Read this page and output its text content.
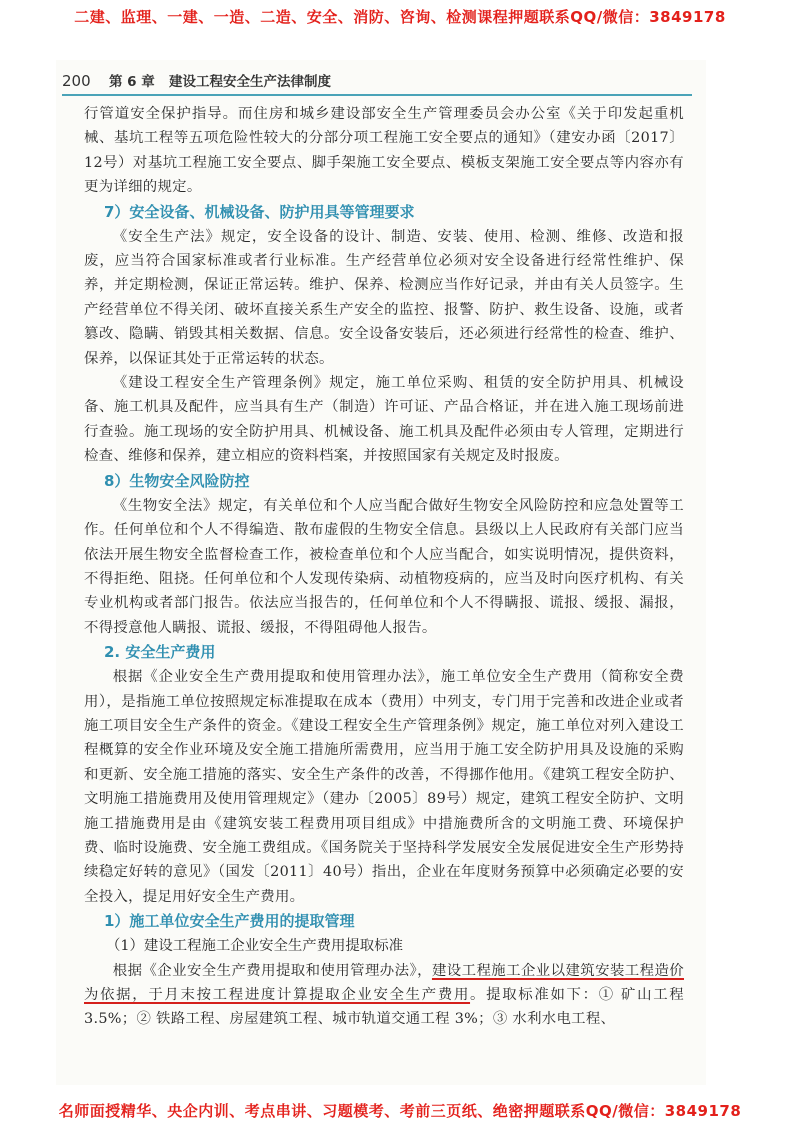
二建、监理、一建、一造、二造、安全、消防、咨询、检测课程押题联系QQ/微信：3849178
200 第 6 章 建设工程安全生产法律制度

行管道安全保护指导。而住房和城乡建设部安全生产管理委员会办公室《关于印发起重机械、基坑工程等五项危险性较大的分部分项工程施工安全要点的通知》（建安办函〔2017〕12号）对基坑工程施工安全要点、脚手架施工安全要点、模板支架施工安全要点等内容亦有更为详细的规定。

7）安全设备、机械设备、防护用具等管理要求

《安全生产法》规定，安全设备的设计、制造、安装、使用、检测、维修、改造和报废，应当符合国家标准或者行业标准。生产经营单位必须对安全设备进行经常性维护、保养，并定期检测，保证正常运转。维护、保养、检测应当作好记录，并由有关人员签字。生产经营单位不得关闭、破坏直接关系生产安全的监控、报警、防护、救生设备、设施，或者篡改、隐瞒、销毁其相关数据、信息。安全设备安装后，还必须进行经常性的检查、维护、保养，以保证其处于正常运转的状态。

《建设工程安全生产管理条例》规定，施工单位采购、租赁的安全防护用具、机械设备、施工机具及配件，应当具有生产（制造）许可证、产品合格证，并在进入施工现场前进行查验。施工现场的安全防护用具、机械设备、施工机具及配件必须由专人管理，定期进行检查、维修和保养，建立相应的资料档案，并按照国家有关规定及时报废。

8）生物安全风险防控

《生物安全法》规定，有关单位和个人应当配合做好生物安全风险防控和应急处置等工作。任何单位和个人不得编造、散布虚假的生物安全信息。县级以上人民政府有关部门应当依法开展生物安全监督检查工作，被检查单位和个人应当配合，如实说明情况，提供资料，不得拒绝、阻挠。任何单位和个人发现传染病、动植物疫病的，应当及时向医疗机构、有关专业机构或者部门报告。依法应当报告的，任何单位和个人不得瞒报、谎报、缓报、漏报，不得授意他人瞒报、谎报、缓报，不得阻碍他人报告。

2. 安全生产费用

根据《企业安全生产费用提取和使用管理办法》，施工单位安全生产费用（简称安全费用），是指施工单位按照规定标准提取在成本（费用）中列支，专门用于完善和改进企业或者施工项目安全生产条件的资金。《建设工程安全生产管理条例》规定，施工单位对列入建设工程概算的安全作业环境及安全施工措施所需费用，应当用于施工安全防护用具及设施的采购和更新、安全施工措施的落实、安全生产条件的改善，不得挪作他用。《建筑工程安全防护、文明施工措施费用及使用管理规定》（建办〔2005〕89号）规定，建筑工程安全防护、文明施工措施费用是由《建筑安装工程费用项目组成》中措施费所含的文明施工费、环境保护费、临时设施费、安全施工费组成。《国务院关于坚持科学发展安全发展促进安全生产形势持续稳定好转的意见》（国发〔2011〕40号）指出，企业在年度财务预算中必须确定必要的安全投入，提足用好安全生产费用。

1）施工单位安全生产费用的提取管理

（1）建设工程施工企业安全生产费用提取标准

根据《企业安全生产费用提取和使用管理办法》，建设工程施工企业以建筑安装工程造价为依据，于月末按工程进度计算提取企业安全生产费用。提取标准如下：① 矿山工程 3.5%；② 铁路工程、房屋建筑工程、城市轨道交通工程 3%；③ 水利水电工程、

名师面授精华、央企内训、考点串讲、习题模考、考前三页纸、绝密押题联系QQ/微信：3849178
